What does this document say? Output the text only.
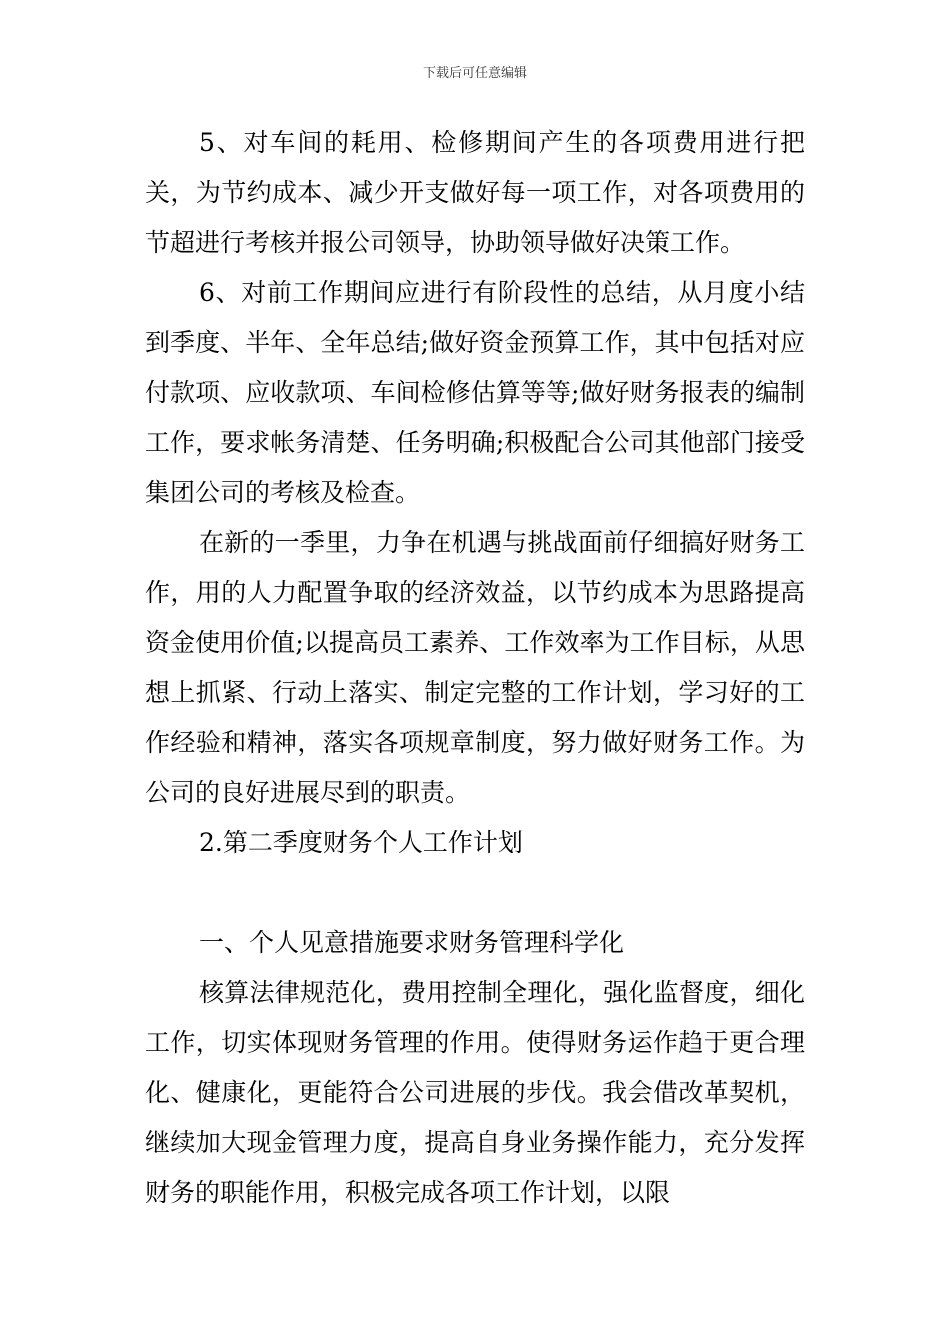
下载后可任意编辑

5、对车间的耗用、检修期间产生的各项费用进行把关，为节约成本、减少开支做好每一项工作，对各项费用的节超进行考核并报公司领导，协助领导做好决策工作。

6、对前工作期间应进行有阶段性的总结，从月度小结到季度、半年、全年总结;做好资金预算工作，其中包括对应付款项、应收款项、车间检修估算等等;做好财务报表的编制工作，要求帐务清楚、任务明确;积极配合公司其他部门接受集团公司的考核及检查。

在新的一季里，力争在机遇与挑战面前仔细搞好财务工作，用的人力配置争取的经济效益，以节约成本为思路提高资金使用价值;以提高员工素养、工作效率为工作目标，从思想上抓紧、行动上落实、制定完整的工作计划，学习好的工作经验和精神，落实各项规章制度，努力做好财务工作。为公司的良好进展尽到的职责。

2.第二季度财务个人工作计划

一、个人见意措施要求财务管理科学化

核算法律规范化，费用控制全理化，强化监督度，细化工作，切实体现财务管理的作用。使得财务运作趋于更合理化、健康化，更能符合公司进展的步伐。我会借改革契机，继续加大现金管理力度，提高自身业务操作能力，充分发挥财务的职能作用，积极完成各项工作计划，以限
